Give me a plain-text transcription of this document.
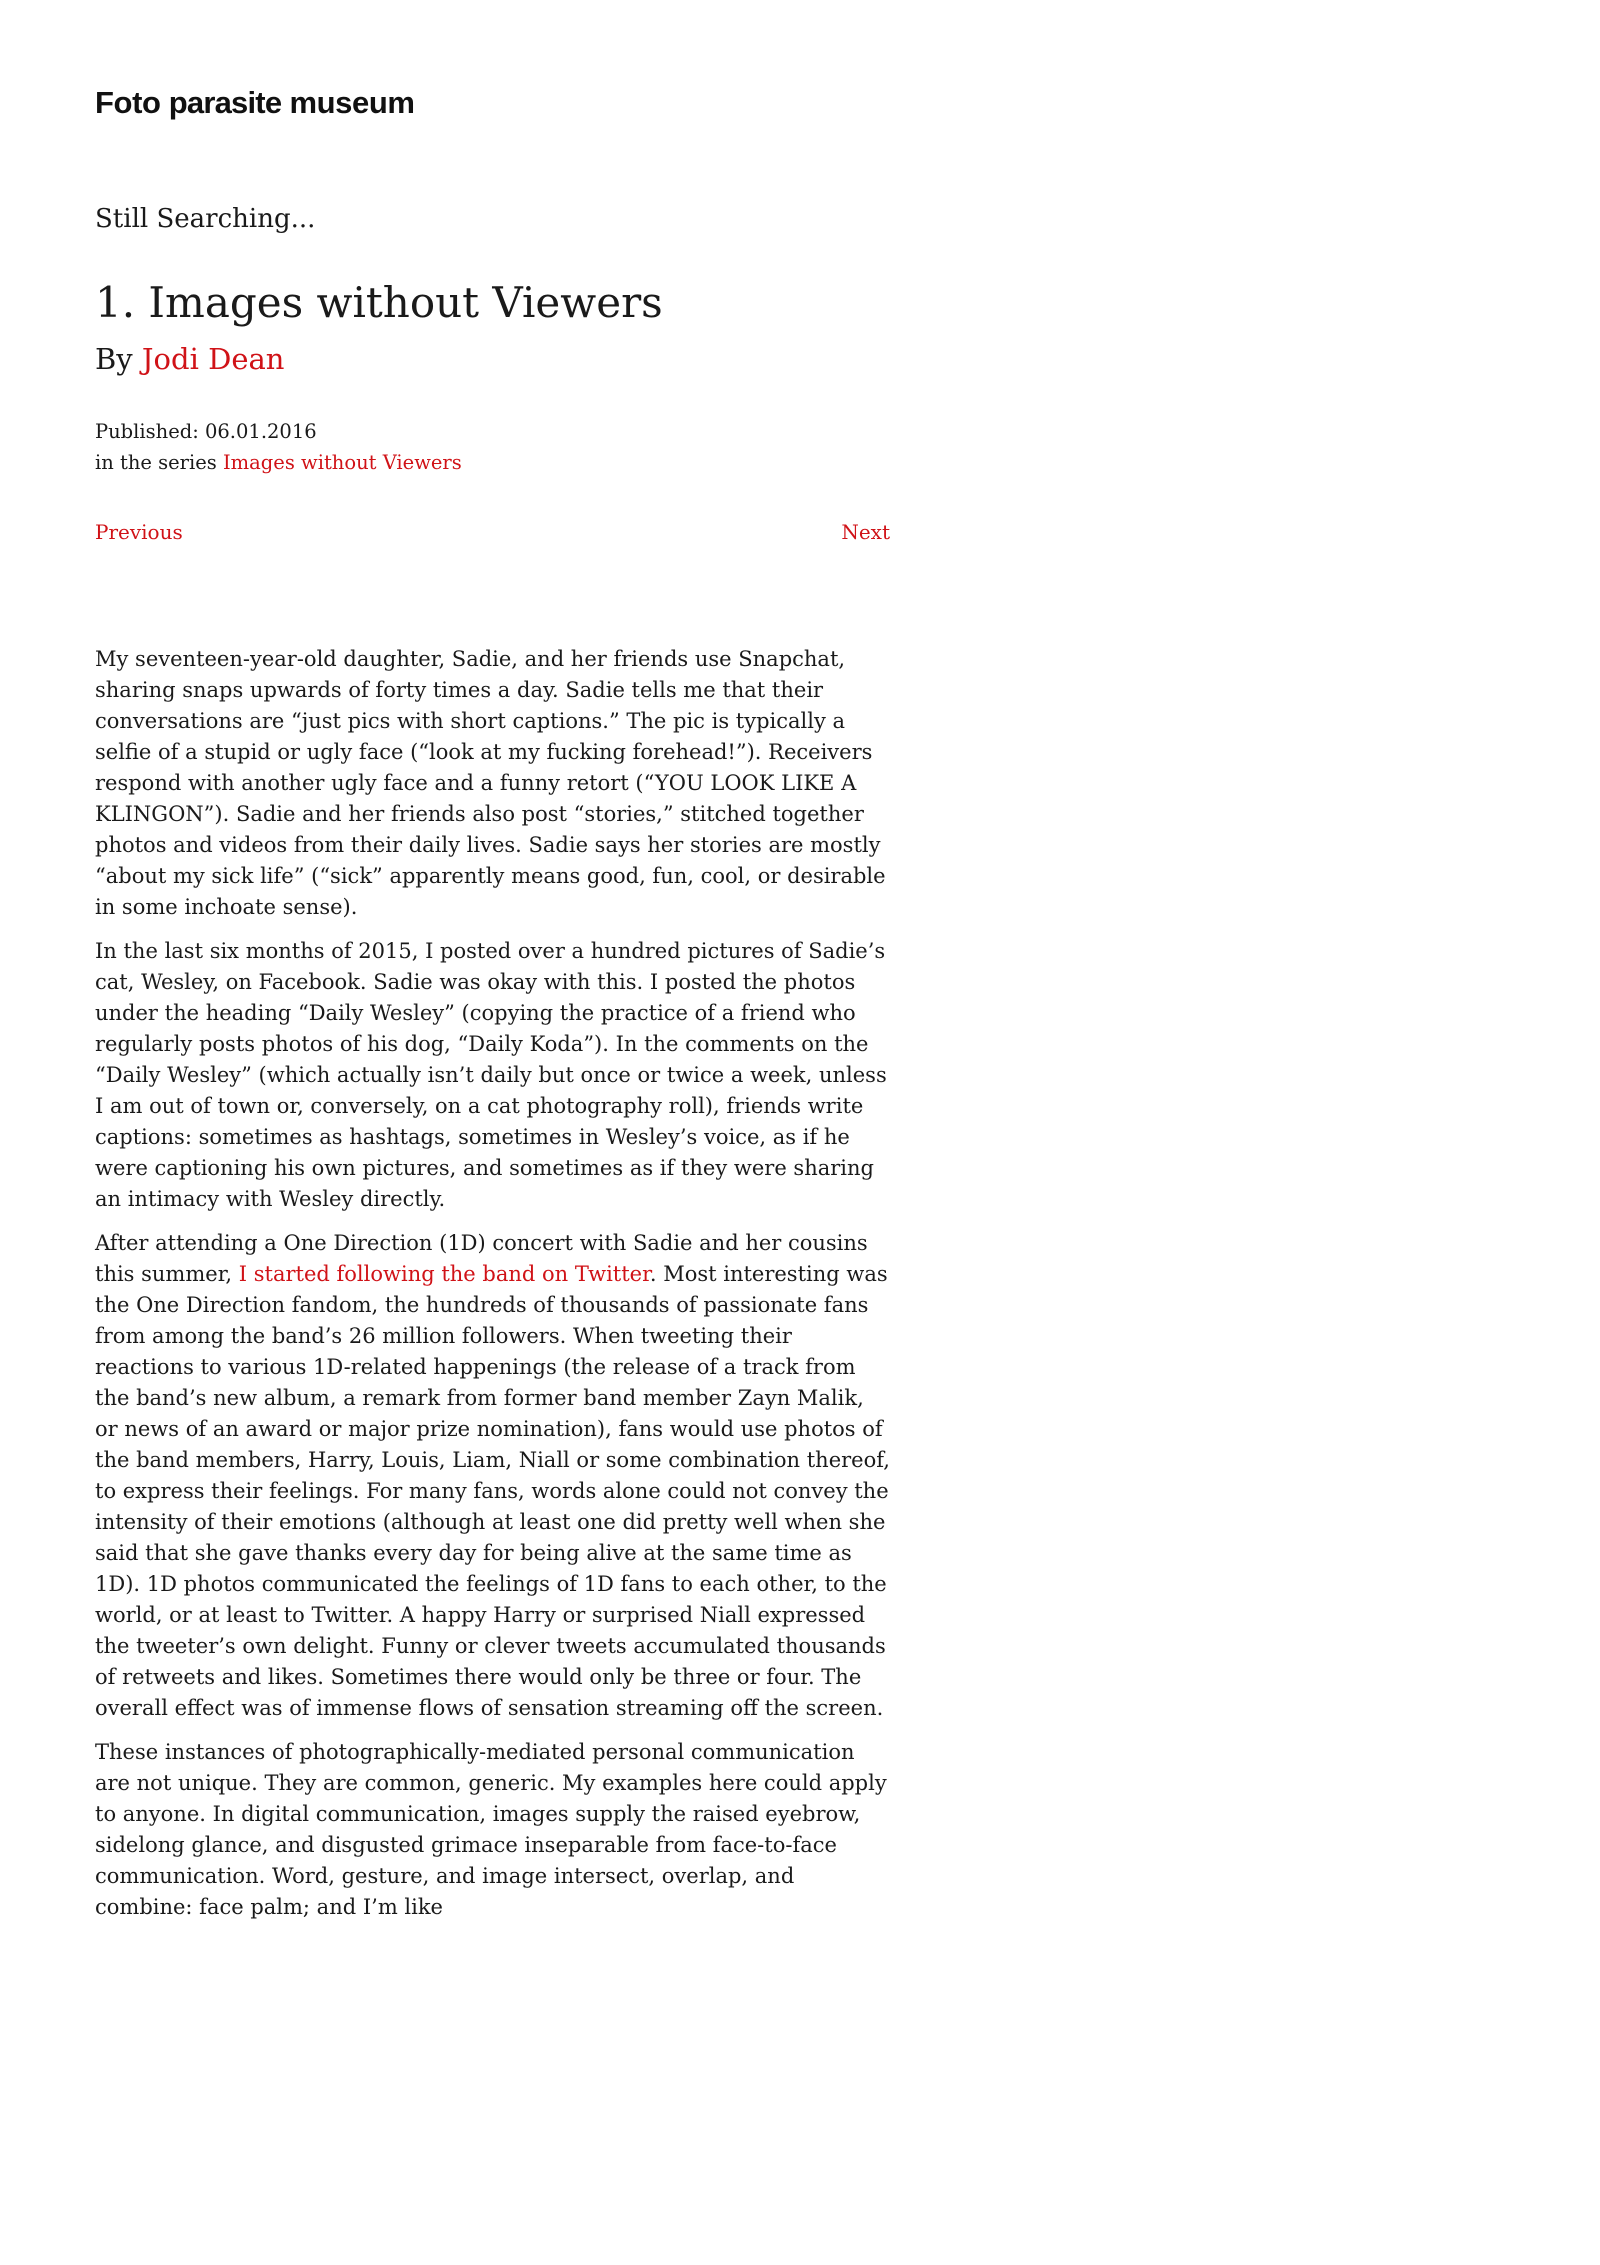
Foto parasite museum
Still Searching...
1. Images without Viewers
By Jodi Dean
Published: 06.01.2016
in the series Images without Viewers
Previous	Next

My seventeen-year-old daughter, Sadie, and her friends use Snapchat, sharing snaps upwards of forty times a day. Sadie tells me that their conversations are “just pics with short captions.” The pic is typically a selfie of a stupid or ugly face (“look at my fucking forehead!”). Receivers respond with another ugly face and a funny retort (“YOU LOOK LIKE A KLINGON”). Sadie and her friends also post “stories,” stitched together photos and videos from their daily lives. Sadie says her stories are mostly “about my sick life” (“sick” apparently means good, fun, cool, or desirable in some inchoate sense).

In the last six months of 2015, I posted over a hundred pictures of Sadie’s cat, Wesley, on Facebook. Sadie was okay with this. I posted the photos under the heading “Daily Wesley” (copying the practice of a friend who regularly posts photos of his dog, “Daily Koda”). In the comments on the “Daily Wesley” (which actually isn’t daily but once or twice a week, unless I am out of town or, conversely, on a cat photography roll), friends write captions: sometimes as hashtags, sometimes in Wesley’s voice, as if he were captioning his own pictures, and sometimes as if they were sharing an intimacy with Wesley directly.

After attending a One Direction (1D) concert with Sadie and her cousins this summer, I started following the band on Twitter. Most interesting was the One Direction fandom, the hundreds of thousands of passionate fans from among the band’s 26 million followers. When tweeting their reactions to various 1D-related happenings (the release of a track from the band’s new album, a remark from former band member Zayn Malik, or news of an award or major prize nomination), fans would use photos of the band members, Harry, Louis, Liam, Niall or some combination thereof, to express their feelings. For many fans, words alone could not convey the intensity of their emotions (although at least one did pretty well when she said that she gave thanks every day for being alive at the same time as 1D). 1D photos communicated the feelings of 1D fans to each other, to the world, or at least to Twitter. A happy Harry or surprised Niall expressed the tweeter’s own delight. Funny or clever tweets accumulated thousands of retweets and likes. Sometimes there would only be three or four. The overall effect was of immense flows of sensation streaming off the screen.

These instances of photographically-mediated personal communication are not unique. They are common, generic. My examples here could apply to anyone. In digital communication, images supply the raised eyebrow, sidelong glance, and disgusted grimace inseparable from face-to-face communication. Word, gesture, and image intersect, overlap, and combine: face palm; and I’m like
